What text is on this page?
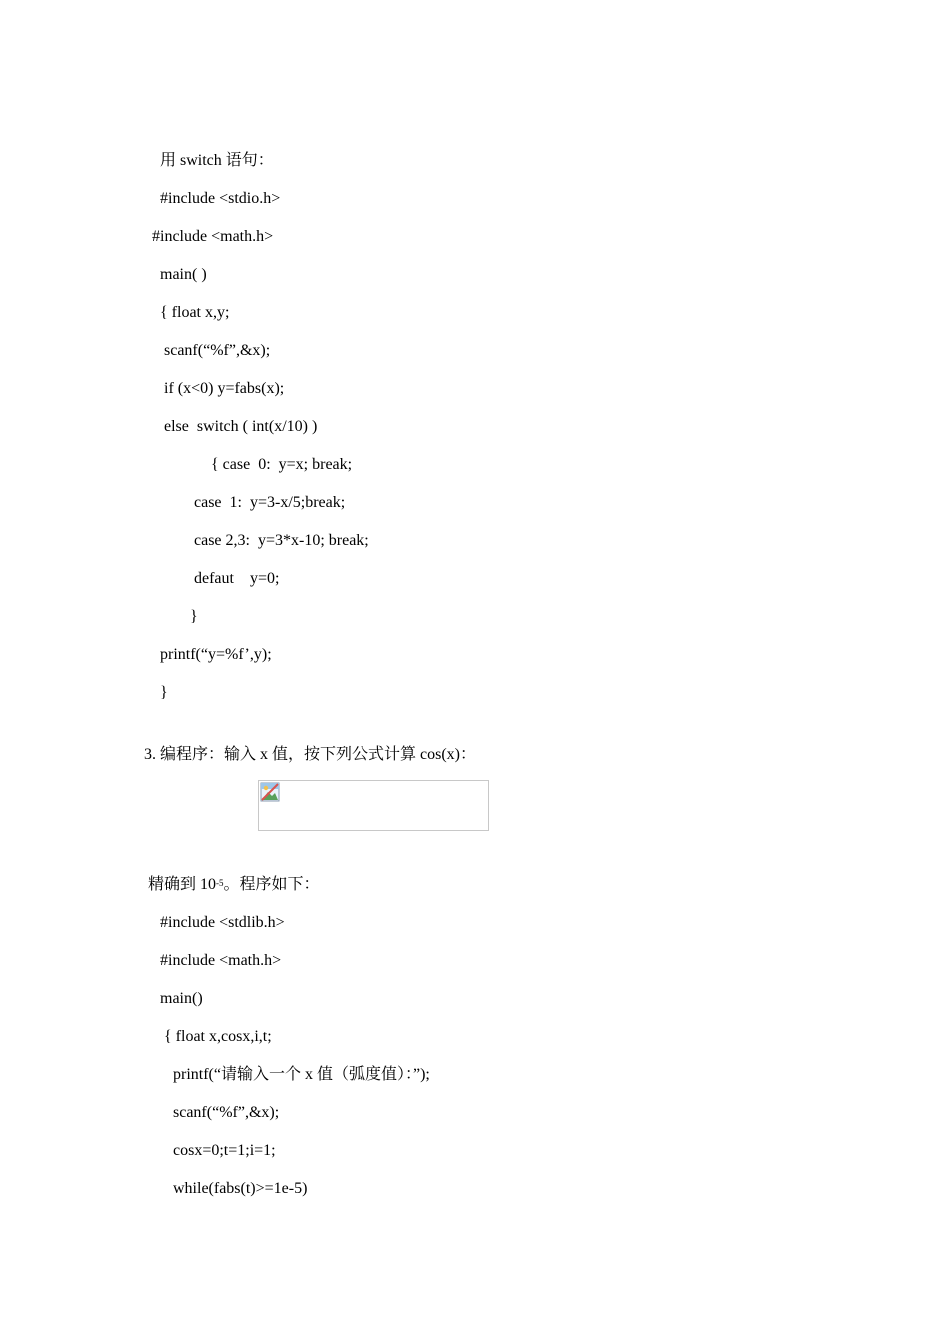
用 switch 语句：
#include <stdio.h>
#include <math.h>
main( )
{ float x,y;
scanf(“%f”,&x);
if (x<0) y=fabs(x);
else  switch ( int(x/10) )
{ case  0:  y=x; break;
case  1:  y=3-x/5;break;
case 2,3:  y=3*x-10; break;
defaut    y=0;
}
printf(“y=%f’,y);
}
3. 编程序：输入 x 值，按下列公式计算 cos(x)：
精确到 $10^{-5}$。程序如下：
#include <stdlib.h>
#include <math.h>
main()
{ float x,cosx,i,t;
printf(“请输入一个 x 值（弧度值）：”);
scanf(“%f”,&x);
cosx=0;t=1;i=1;
while(fabs(t)>=1e-5)
